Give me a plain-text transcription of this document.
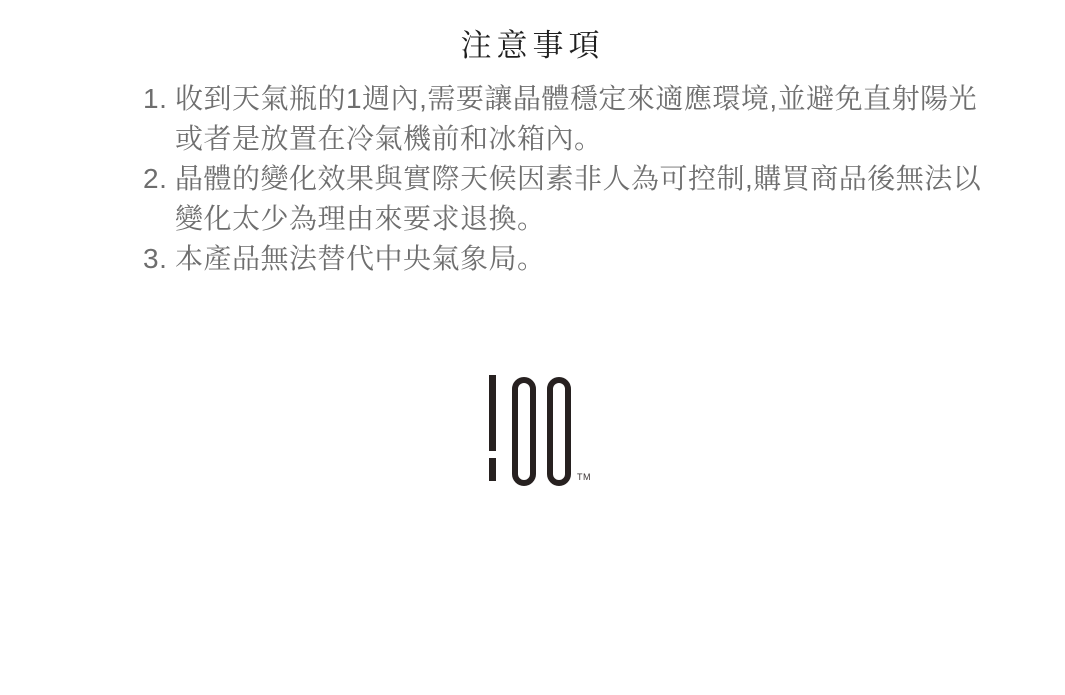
注意事項
1. 收到天氣瓶的1週內,需要讓晶體穩定來適應環境,並避免直射陽光
或者是放置在冷氣機前和冰箱內。
2. 晶體的變化效果與實際天候因素非人為可控制,購買商品後無法以
變化太少為理由來要求退換。
3. 本產品無法替代中央氣象局。
TM
